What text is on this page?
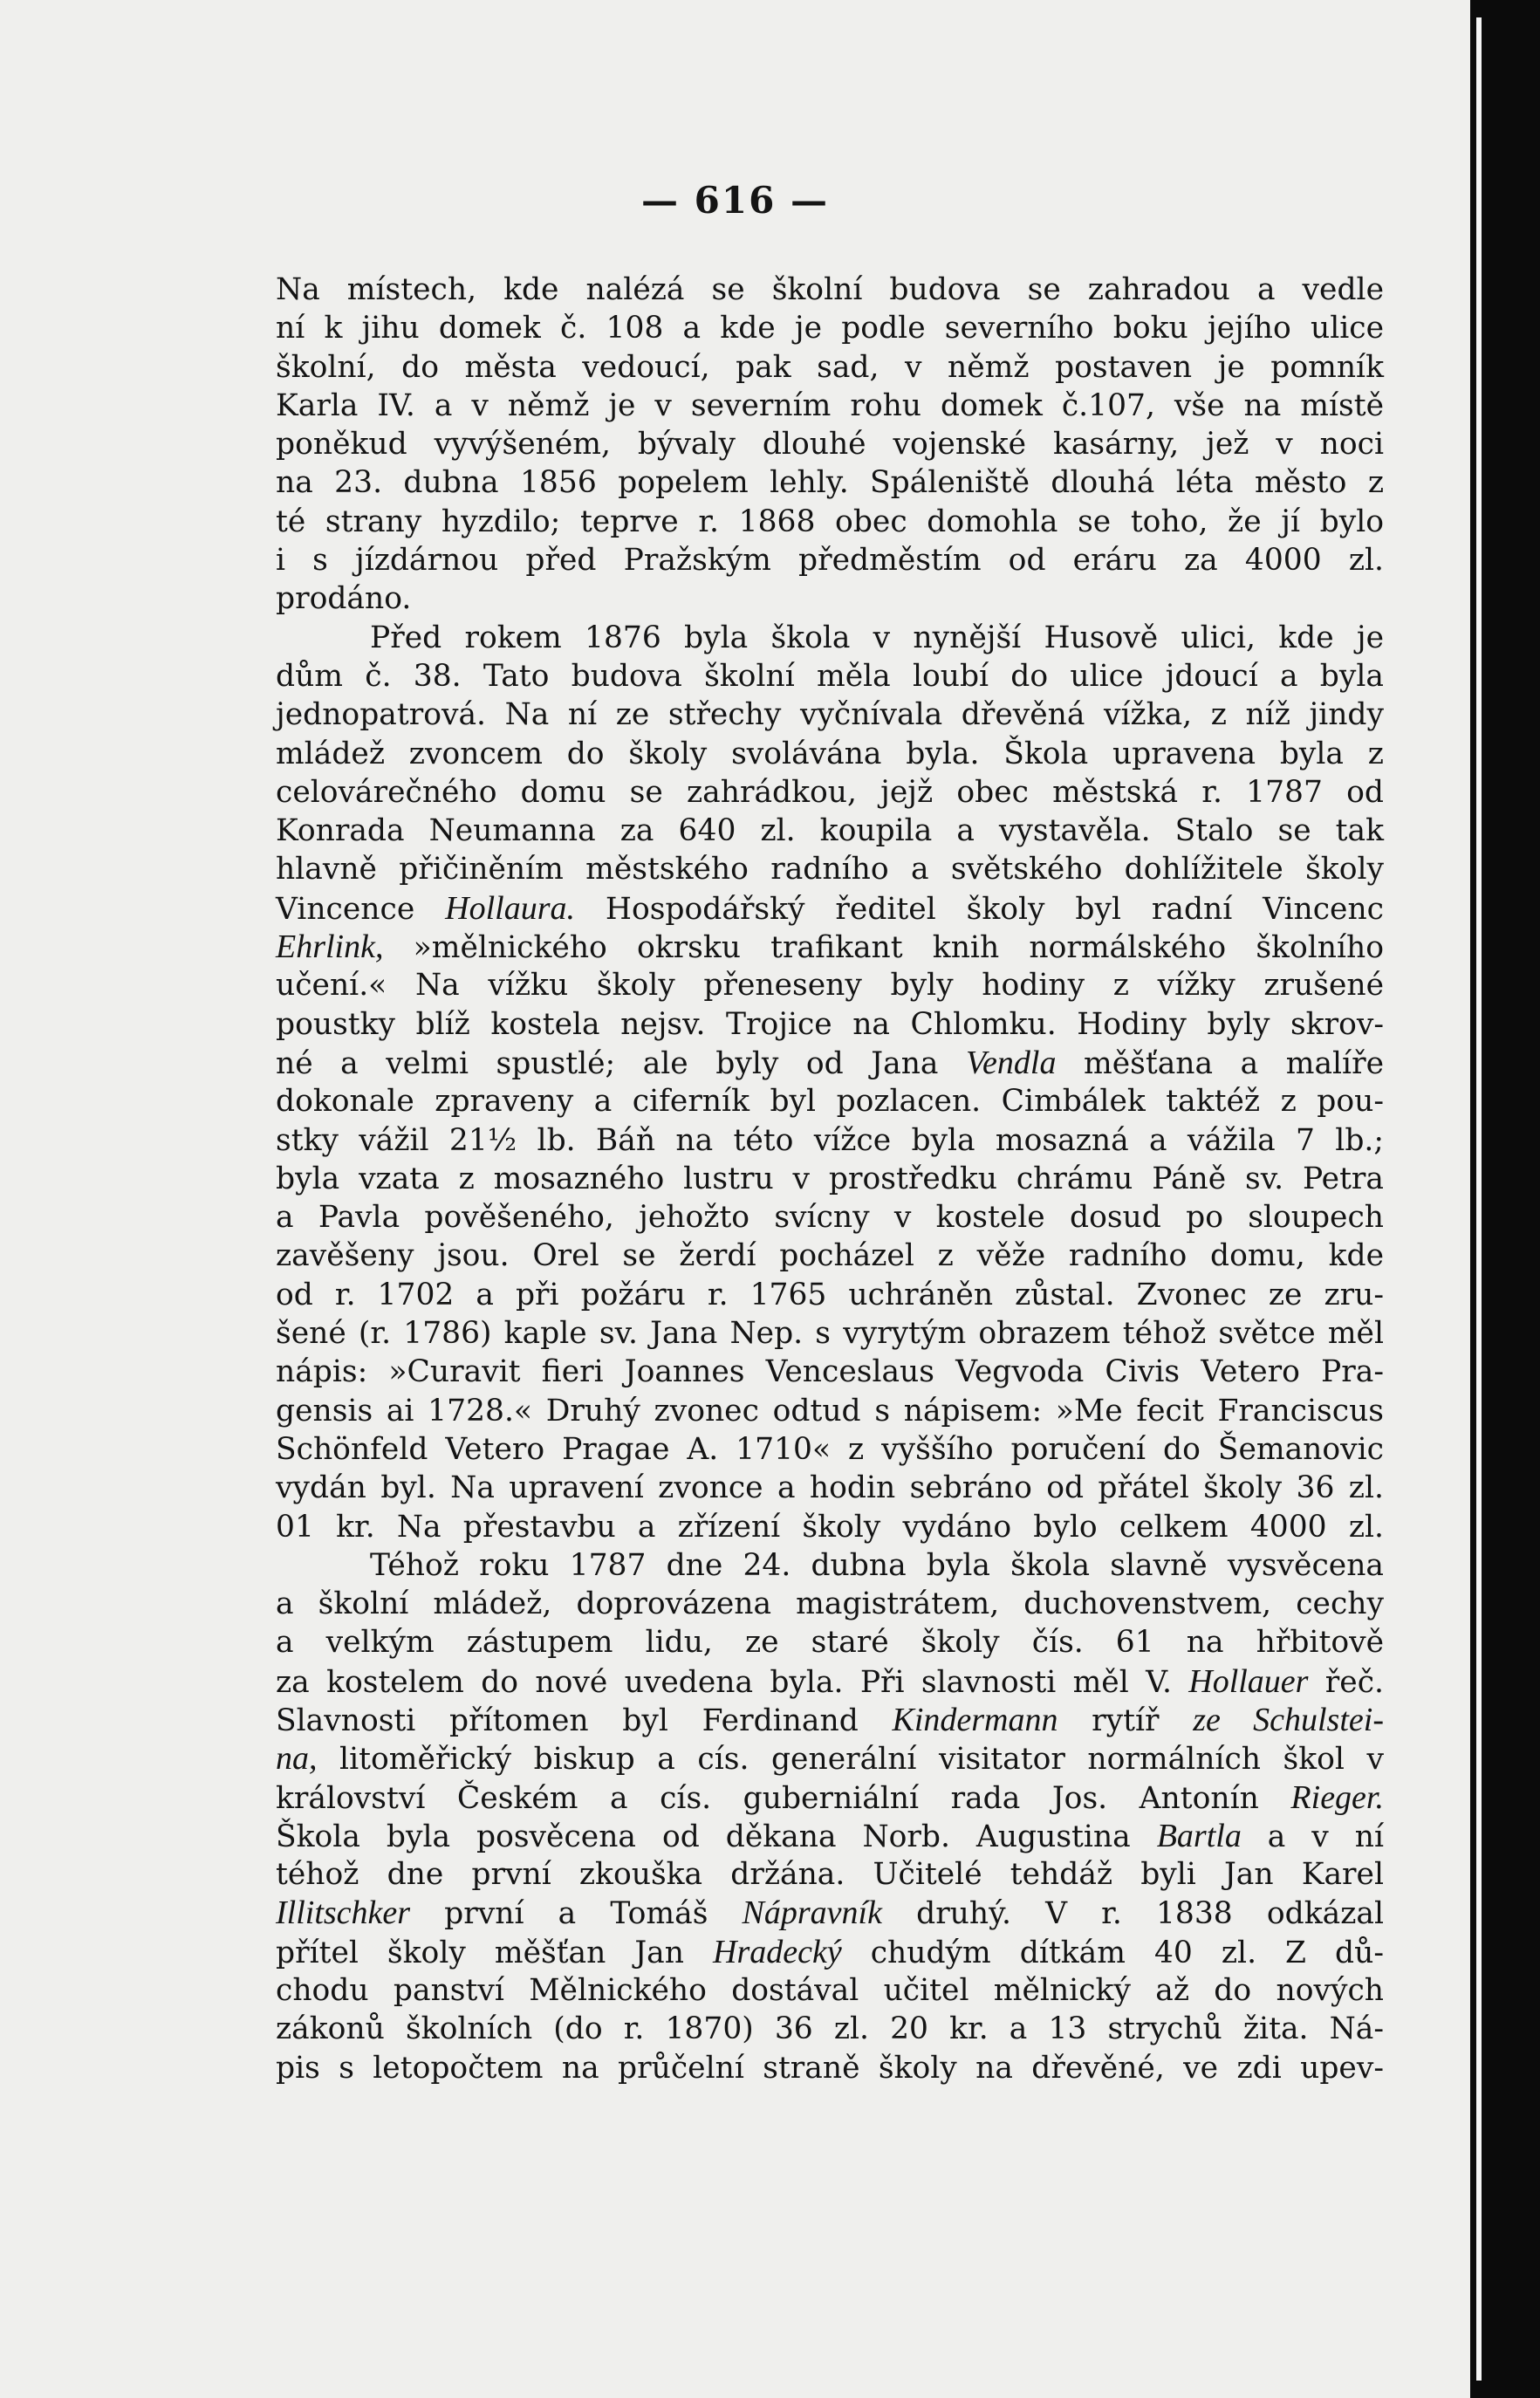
— 616 —
Na místech, kde nalézá se školní budova se zahradou a vedle
ní k jihu domek č. 108 a kde je podle severního boku jejího ulice
školní, do města vedoucí, pak sad, v němž postaven je pomník
Karla IV. a v němž je v severním rohu domek č.107, vše na místě
poněkud vyvýšeném, bývaly dlouhé vojenské kasárny, jež v noci
na 23. dubna 1856 popelem lehly. Spáleniště dlouhá léta město z
té strany hyzdilo; teprve r. 1868 obec domohla se toho, že jí bylo
i s jízdárnou před Pražským předměstím od eráru za 4000 zl.
prodáno.
Před rokem 1876 byla škola v nynější Husově ulici, kde je
dům č. 38. Tato budova školní měla loubí do ulice jdoucí a byla
jednopatrová. Na ní ze střechy vyčnívala dřevěná vížka, z níž jindy
mládež zvoncem do školy svolávána byla. Škola upravena byla z
celovárečného domu se zahrádkou, jejž obec městská r. 1787 od
Konrada Neumanna za 640 zl. koupila a vystavěla. Stalo se tak
hlavně přičiněním městského radního a světského dohlížitele školy
Vincence Hollaura. Hospodářský ředitel školy byl radní Vincenc
Ehrlink, »mělnického okrsku trafikant knih normálského školního
učení.« Na vížku školy přeneseny byly hodiny z vížky zrušené
poustky blíž kostela nejsv. Trojice na Chlomku. Hodiny byly skrov-
né a velmi spustlé; ale byly od Jana Vendla měšťana a malíře
dokonale zpraveny a ciferník byl pozlacen. Cimbálek taktéž z pou-
stky vážil 21½ lb. Báň na této vížce byla mosazná a vážila 7 lb.;
byla vzata z mosazného lustru v prostředku chrámu Páně sv. Petra
a Pavla pověšeného, jehožto svícny v kostele dosud po sloupech
zavěšeny jsou. Orel se žerdí pocházel z věže radního domu, kde
od r. 1702 a při požáru r. 1765 uchráněn zůstal. Zvonec ze zru-
šené (r. 1786) kaple sv. Jana Nep. s vyrytým obrazem téhož světce měl
nápis: »Curavit fieri Joannes Venceslaus Vegvoda Civis Vetero Pra-
gensis ai 1728.« Druhý zvonec odtud s nápisem: »Me fecit Franciscus
Schönfeld Vetero Pragae A. 1710« z vyššího poručení do Šemanovic
vydán byl. Na upravení zvonce a hodin sebráno od přátel školy 36 zl.
01 kr. Na přestavbu a zřízení školy vydáno bylo celkem 4000 zl.
Téhož roku 1787 dne 24. dubna byla škola slavně vysvěcena
a školní mládež, doprovázena magistrátem, duchovenstvem, cechy
a velkým zástupem lidu, ze staré školy čís. 61 na hřbitově
za kostelem do nové uvedena byla. Při slavnosti měl V. Hollauer řeč.
Slavnosti přítomen byl Ferdinand Kindermann rytíř ze Schulstei-
na, litoměřický biskup a cís. generální visitator normálních škol v
království Českém a cís. guberniální rada Jos. Antonín Rieger.
Škola byla posvěcena od děkana Norb. Augustina Bartla a v ní
téhož dne první zkouška držána. Učitelé tehdáž byli Jan Karel
Illitschker první a Tomáš Nápravník druhý. V r. 1838 odkázal
přítel školy měšťan Jan Hradecký chudým dítkám 40 zl. Z dů-
chodu panství Mělnického dostával učitel mělnický až do nových
zákonů školních (do r. 1870) 36 zl. 20 kr. a 13 strychů žita. Ná-
pis s letopočtem na průčelní straně školy na dřevěné, ve zdi upev-
